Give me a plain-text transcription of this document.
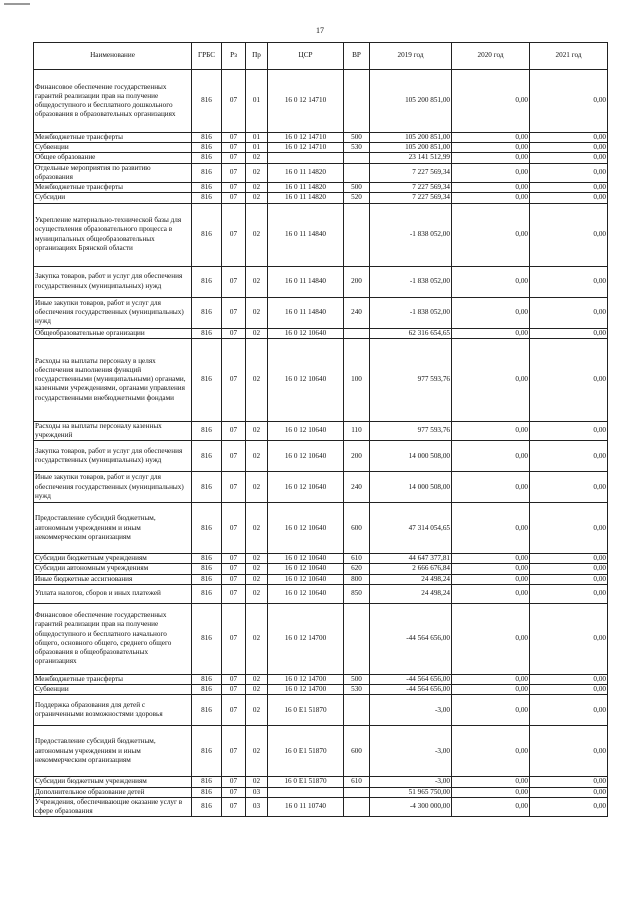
17
Наименование	ГРБС	Рз	Пр	ЦСР	ВР	2019 год	2020 год	2021 год
Финансовое обеспечение государственных гарантий реализации прав на получение общедоступного и бесплатного дошкольного образования в образовательных организациях	816	07	01	16 0 12 14710		105 200 851,00	0,00	0,00
Межбюджетные трансферты	816	07	01	16 0 12 14710	500	105 200 851,00	0,00	0,00
Субвенции	816	07	01	16 0 12 14710	530	105 200 851,00	0,00	0,00
Общее образование	816	07	02			23 141 512,99	0,00	0,00
Отдельные мероприятия по развитию образования	816	07	02	16 0 11 14820		7 227 569,34	0,00	0,00
Межбюджетные трансферты	816	07	02	16 0 11 14820	500	7 227 569,34	0,00	0,00
Субсидии	816	07	02	16 0 11 14820	520	7 227 569,34	0,00	0,00
Укрепление материально-технической базы для осуществления образовательного процесса в муниципальных общеобразовательных организациях Брянской области	816	07	02	16 0 11 14840		-1 838 052,00	0,00	0,00
Закупка товаров, работ и услуг для обеспечения государственных (муниципальных) нужд	816	07	02	16 0 11 14840	200	-1 838 052,00	0,00	0,00
Иные закупки товаров, работ и услуг для обеспечения государственных (муниципальных) нужд	816	07	02	16 0 11 14840	240	-1 838 052,00	0,00	0,00
Общеобразовательные организации	816	07	02	16 0 12 10640		62 316 654,65	0,00	0,00
Расходы на выплаты персоналу в целях обеспечения выполнения функций государственными (муниципальными) органами, казенными учреждениями, органами управления государственными внебюджетными фондами	816	07	02	16 0 12 10640	100	977 593,76	0,00	0,00
Расходы на выплаты персоналу казенных учреждений	816	07	02	16 0 12 10640	110	977 593,76	0,00	0,00
Закупка товаров, работ и услуг для обеспечения государственных (муниципальных) нужд	816	07	02	16 0 12 10640	200	14 000 508,00	0,00	0,00
Иные закупки товаров, работ и услуг для обеспечения государственных (муниципальных) нужд	816	07	02	16 0 12 10640	240	14 000 508,00	0,00	0,00
Предоставление субсидий бюджетным, автономным учреждениям и иным некоммерческим организациям	816	07	02	16 0 12 10640	600	47 314 054,65	0,00	0,00
Субсидии бюджетным учреждениям	816	07	02	16 0 12 10640	610	44 647 377,81	0,00	0,00
Субсидии автономным учреждениям	816	07	02	16 0 12 10640	620	2 666 676,84	0,00	0,00
Иные бюджетные ассигнования	816	07	02	16 0 12 10640	800	24 498,24	0,00	0,00
Уплата налогов, сборов и иных платежей	816	07	02	16 0 12 10640	850	24 498,24	0,00	0,00
Финансовое обеспечение государственных гарантий реализации прав на получение общедоступного и бесплатного начального общего, основного общего, среднего общего образования в общеобразовательных организациях	816	07	02	16 0 12 14700		-44 564 656,00	0,00	0,00
Межбюджетные трансферты	816	07	02	16 0 12 14700	500	-44 564 656,00	0,00	0,00
Субвенции	816	07	02	16 0 12 14700	530	-44 564 656,00	0,00	0,00
Поддержка образования для детей с ограниченными возможностями здоровья	816	07	02	16 0 E1 51870		-3,00	0,00	0,00
Предоставление субсидий бюджетным, автономным учреждениям и иным некоммерческим организациям	816	07	02	16 0 E1 51870	600	-3,00	0,00	0,00
Субсидии бюджетным учреждениям	816	07	02	16 0 E1 51870	610	-3,00	0,00	0,00
Дополнительное образование детей	816	07	03			51 965 750,00	0,00	0,00
Учреждения, обеспечивающие оказание услуг в сфере образования	816	07	03	16 0 11 10740		-4 300 000,00	0,00	0,00
